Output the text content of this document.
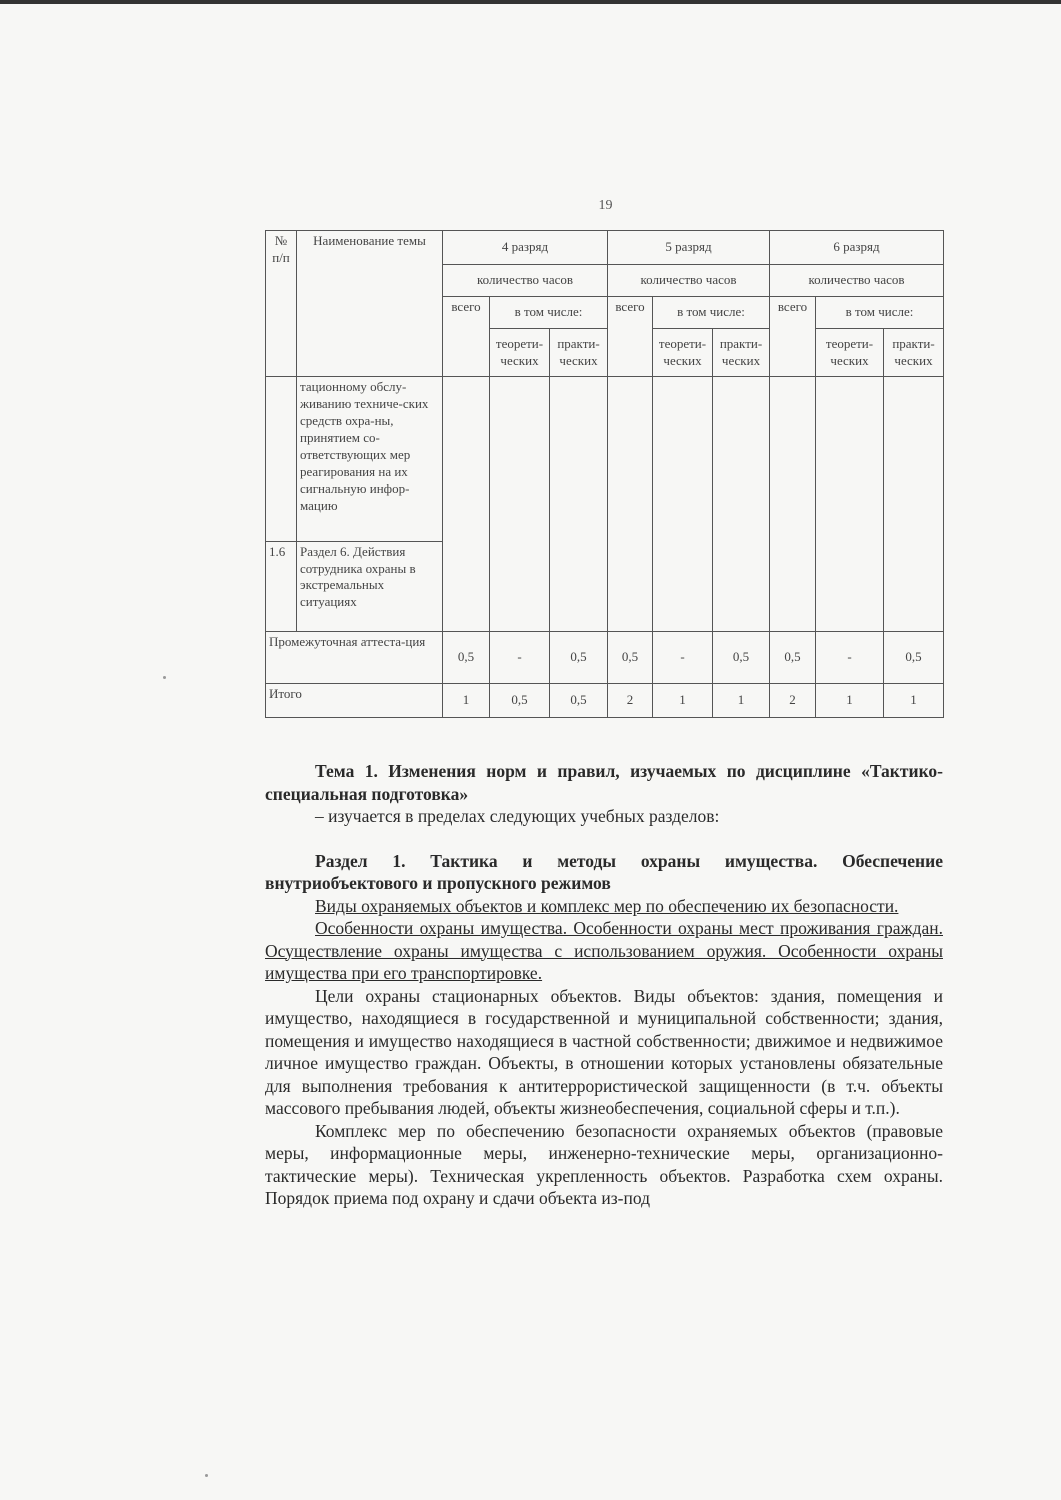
19
№ п/п	Наименование темы	4 разряд			5 разряд			6 разряд		
		количество часов			количество часов			количество часов		
		всего	в том числе:		всего	в том числе:		всего	в том числе:	
			теорети-ческих	практи-ческих		теорети-ческих	практи-ческих		теорети-ческих	практи-ческих
	тационному обслу-живанию техниче-ских средств охра-ны, принятием со-ответствующих мер реагирования на их сигнальную инфор-мацию									
1.6	Раздел 6. Действия сотрудника охраны в экстремальных ситуациях									
Промежуточная аттеста-ция		0,5	-	0,5	0,5	-	0,5	0,5	-	0,5
Итого		1	0,5	0,5	2	1	1	2	1	1

Тема 1. Изменения норм и правил, изучаемых по дисциплине «Тактико-специальная подготовка»

– изучается в пределах следующих учебных разделов:

Раздел 1. Тактика и методы охраны имущества. Обеспечение внутриобъектового и пропускного режимов

Виды охраняемых объектов и комплекс мер по обеспечению их безопасности.

Особенности охраны имущества. Особенности охраны мест проживания граждан. Осуществление охраны имущества с использованием оружия. Особенности охраны имущества при его транспортировке.

Цели охраны стационарных объектов. Виды объектов: здания, помещения и имущество, находящиеся в государственной и муниципальной собственности; здания, помещения и имущество находящиеся в частной собственности; движимое и недвижимое личное имущество граждан. Объекты, в отношении которых установлены обязательные для выполнения требования к антитеррористической защищенности (в т.ч. объекты массового пребывания людей, объекты жизнеобеспечения, социальной сферы и т.п.).

Комплекс мер по обеспечению безопасности охраняемых объектов (правовые меры, информационные меры, инженерно-технические меры, организационно-тактические меры). Техническая укрепленность объектов. Разработка схем охраны. Порядок приема под охрану и сдачи объекта из-под
